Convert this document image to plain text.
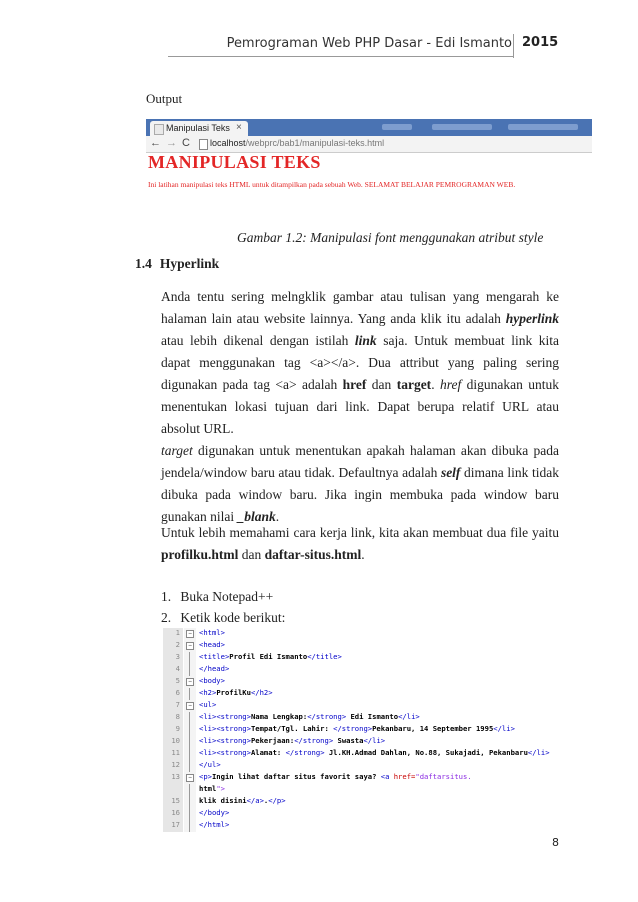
Pemrograman Web PHP Dasar - Edi Ismanto 2015
Output
Manipulasi Teks ×
← → C localhost/webprc/bab1/manipulasi-teks.html
MANIPULASI TEKS
Ini latihan manipulasi teks HTML untuk ditampilkan pada sebuah Web. SELAMAT BELAJAR PEMROGRAMAN WEB.
Gambar 1.2: Manipulasi font menggunakan atribut style
1.4 Hyperlink
Anda tentu sering melngklik gambar atau tulisan yang mengarah ke halaman lain atau website lainnya. Yang anda klik itu adalah hyperlink atau lebih dikenal dengan istilah link saja. Untuk membuat link kita dapat menggunakan tag <a></a>. Dua attribut yang paling sering digunakan pada tag <a> adalah href dan target. href digunakan untuk menentukan lokasi tujuan dari link. Dapat berupa relatif URL atau absolut URL.
target digunakan untuk menentukan apakah halaman akan dibuka pada jendela/window baru atau tidak. Defaultnya adalah self dimana link tidak dibuka pada window baru. Jika ingin membuka pada window baru gunakan nilai _blank.
Untuk lebih memahami cara kerja link, kita akan membuat dua file yaitu profilku.html dan daftar-situs.html.
1. Buka Notepad++
2. Ketik kode berikut:
1	− <html>
2	− <head>
3	<title>Profil Edi Ismanto</title>
4	</head>
5	− <body>
6	<h2>ProfilKu</h2>
7	− <ul>
8	<li><strong>Nama Lengkap:</strong> Edi Ismanto</li>
9	<li><strong>Tempat/Tgl. Lahir: </strong>Pekanbaru, 14 September 1995</li>
10	<li><strong>Pekerjaan:</strong> Swasta</li>
11	<li><strong>Alamat: </strong> Jl.KH.Admad Dahlan, No.88, Sukajadi, Pekanbaru</li>
12	</ul>
13	− <p>Ingin lihat daftar situs favorit saya? <a href="daftarsitus.
html">
15	klik disini</a>.</p>
16	</body>
17	</html>
8
